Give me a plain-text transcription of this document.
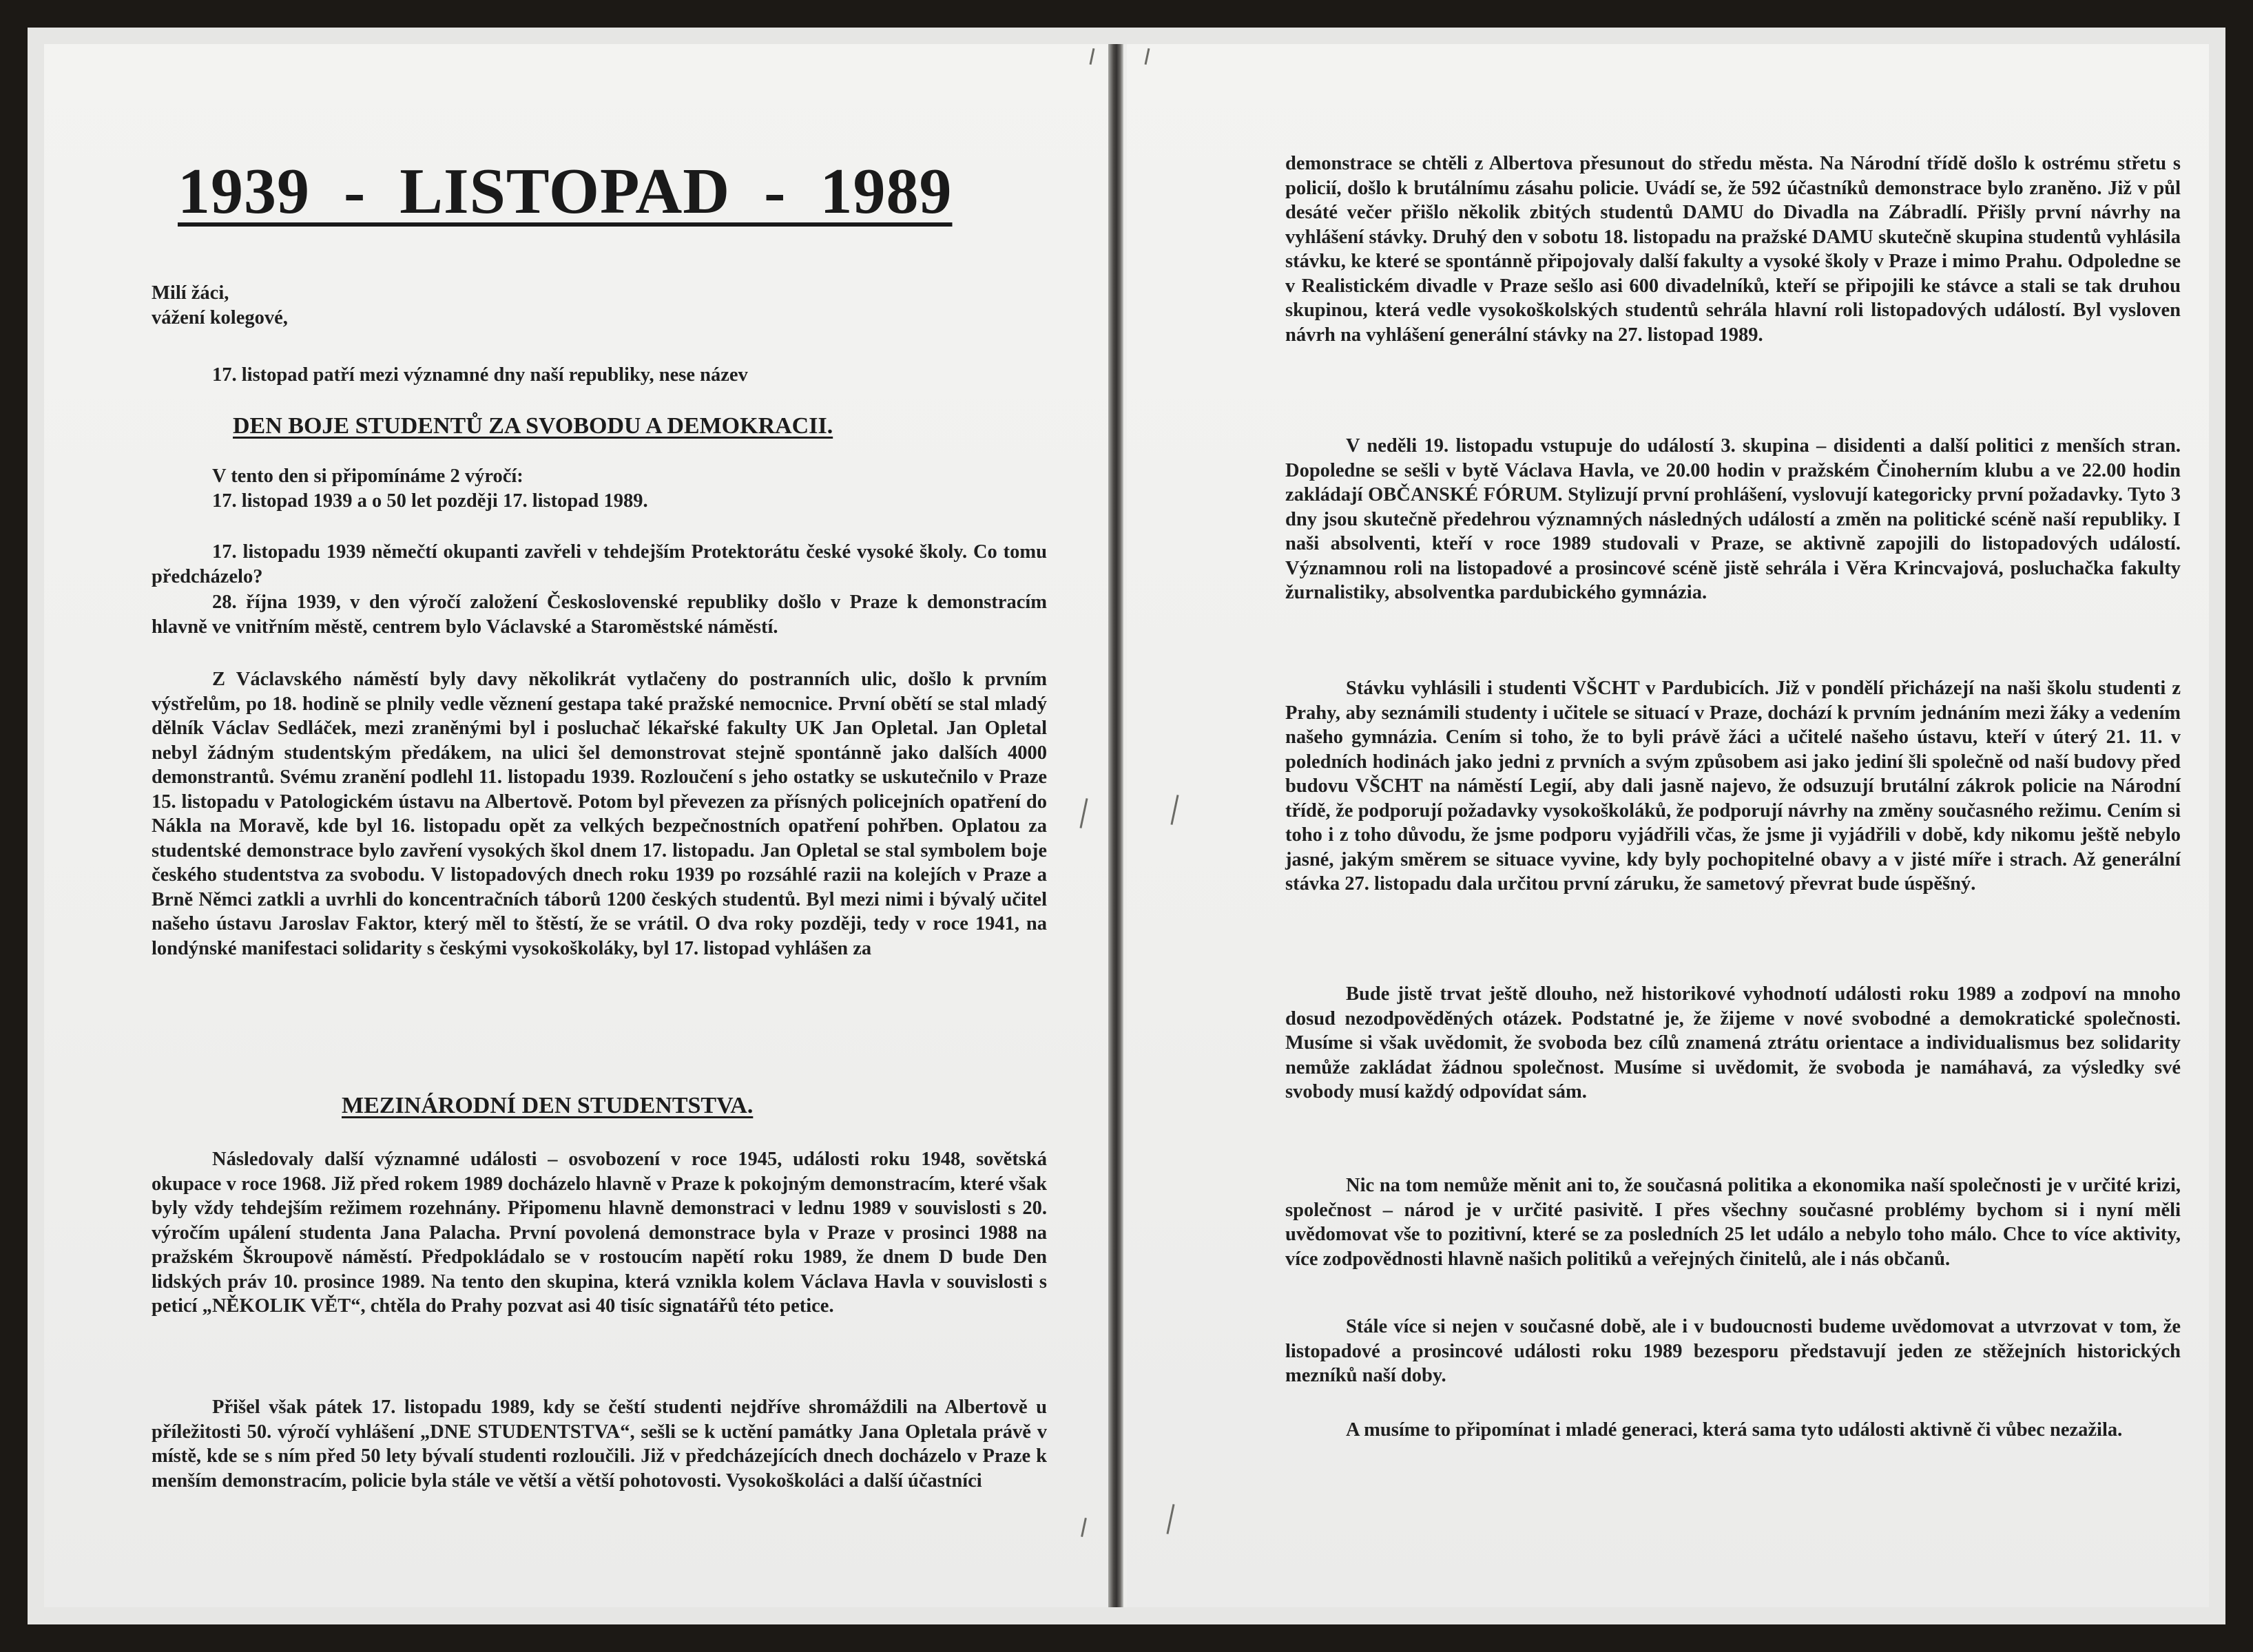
1939  -  LISTOPAD  -  1989
Milí žáci,
vážení kolegové,
17. listopad patří mezi významné dny naší republiky, nese název
DEN BOJE STUDENTŮ ZA SVOBODU A DEMOKRACII.
V tento den si připomínáme 2 výročí:
17. listopad 1939 a o 50 let později 17. listopad 1989.
17. listopadu 1939 němečtí okupanti zavřeli v tehdejším Protektorátu české vysoké školy. Co tomu předcházelo?
28. října 1939, v den výročí založení Československé republiky došlo v Praze k demonstracím hlavně ve vnitřním městě, centrem bylo Václavské a Staroměstské náměstí.
Z Václavského náměstí byly davy několikrát vytlačeny do postranních ulic, došlo k prvním výstřelům, po 18. hodině se plnily vedle věznení gestapa také pražské nemocnice. První obětí se stal mladý dělník Václav Sedláček, mezi zraněnými byl i posluchač lékařské fakulty UK Jan Opletal. Jan Opletal nebyl žádným studentským předákem, na ulici šel demonstrovat stejně spontánně jako dalších 4000 demonstrantů. Svému zranění podlehl 11. listopadu 1939. Rozloučení s jeho ostatky se uskutečnilo v Praze 15. listopadu v Patologickém ústavu na Albertově. Potom byl převezen za přísných policejních opatření do Nákla na Moravě, kde byl 16. listopadu opět za velkých bezpečnostních opatření pohřben. Oplatou za studentské demonstrace bylo zavření vysokých škol dnem 17. listopadu. Jan Opletal se stal symbolem boje českého studentstva za svobodu. V listopadových dnech roku 1939 po rozsáhlé razii na kolejích v Praze a Brně Němci zatkli a uvrhli do koncentračních táborů 1200 českých studentů. Byl mezi nimi i bývalý učitel našeho ústavu Jaroslav Faktor, který měl to štěstí, že se vrátil. O dva roky později, tedy v roce 1941, na londýnské manifestaci solidarity s českými vysokoškoláky, byl 17. listopad vyhlášen za
MEZINÁRODNÍ DEN STUDENTSTVA.
Následovaly další významné události – osvobození v roce 1945, události roku 1948, sovětská okupace v roce 1968. Již před rokem 1989 docházelo hlavně v Praze k pokojným demonstracím, které však byly vždy tehdejším režimem rozehnány. Připomenu hlavně demonstraci v lednu 1989 v souvislosti s 20. výročím upálení studenta Jana Palacha. První povolená demonstrace byla v Praze v prosinci 1988 na pražském Škroupově náměstí. Předpokládalo se v rostoucím napětí roku 1989, že dnem D bude Den lidských práv 10. prosince 1989. Na tento den skupina, která vznikla kolem Václava Havla v souvislosti s peticí „NĚKOLIK VĚT“, chtěla do Prahy pozvat asi 40 tisíc signatářů této petice.
Přišel však pátek 17. listopadu 1989, kdy se čeští studenti nejdříve shromáždili na Albertově u příležitosti 50. výročí vyhlášení „DNE STUDENTSTVA“, sešli se k uctění památky Jana Opletala právě v místě, kde se s ním před 50 lety bývalí studenti rozloučili. Již v předcházejících dnech docházelo v Praze k menším demonstracím, policie byla stále ve větší a větší pohotovosti. Vysokoškoláci a další účastníci
demonstrace se chtěli z Albertova přesunout do středu města. Na Národní třídě došlo k ostrému střetu s policií, došlo k brutálnímu zásahu policie. Uvádí se, že 592 účastníků demonstrace bylo zraněno. Již v půl desáté večer přišlo několik zbitých studentů DAMU do Divadla na Zábradlí. Přišly první návrhy na vyhlášení stávky. Druhý den v sobotu 18. listopadu na pražské DAMU skutečně skupina studentů vyhlásila stávku, ke které se spontánně připojovaly další fakulty a vysoké školy v Praze i mimo Prahu. Odpoledne se v Realistickém divadle v Praze sešlo asi 600 divadelníků, kteří se připojili ke stávce a stali se tak druhou skupinou, která vedle vysokoškolských studentů sehrála hlavní roli listopadových událostí. Byl vysloven návrh na vyhlášení generální stávky na 27. listopad 1989.
V neděli 19. listopadu vstupuje do událostí 3. skupina – disidenti a další politici z menších stran. Dopoledne se sešli v bytě Václava Havla, ve 20.00 hodin v pražském Činoherním klubu a ve 22.00 hodin zakládají OBČANSKÉ FÓRUM. Stylizují první prohlášení, vyslovují kategoricky první požadavky. Tyto 3 dny jsou skutečně předehrou významných následných událostí a změn na politické scéně naší republiky. I naši absolventi, kteří v roce 1989 studovali v Praze, se aktivně zapojili do listopadových událostí. Významnou roli na listopadové a prosincové scéně jistě sehrála i Věra Krincvajová, posluchačka fakulty žurnalistiky, absolventka pardubického gymnázia.
Stávku vyhlásili i studenti VŠCHT v Pardubicích. Již v pondělí přicházejí na naši školu studenti z Prahy, aby seznámili studenty i učitele se situací v Praze, dochází k prvním jednáním mezi žáky a vedením našeho gymnázia. Cením si toho, že to byli právě žáci a učitelé našeho ústavu, kteří v úterý 21. 11. v poledních hodinách jako jedni z prvních a svým způsobem asi jako jediní šli společně od naší budovy před budovu VŠCHT na náměstí Legií, aby dali jasně najevo, že odsuzují brutální zákrok policie na Národní třídě, že podporují požadavky vysokoškoláků, že podporují návrhy na změny současného režimu. Cením si toho i z toho důvodu, že jsme podporu vyjádřili včas, že jsme ji vyjádřili v době, kdy nikomu ještě nebylo jasné, jakým směrem se situace vyvine, kdy byly pochopitelné obavy a v jisté míře i strach. Až generální stávka 27. listopadu dala určitou první záruku, že sametový převrat bude úspěšný.
Bude jistě trvat ještě dlouho, než historikové vyhodnotí události roku 1989 a zodpoví na mnoho dosud nezodpověděných otázek. Podstatné je, že žijeme v nové svobodné a demokratické společnosti. Musíme si však uvědomit, že svoboda bez cílů znamená ztrátu orientace a individualismus bez solidarity nemůže zakládat žádnou společnost. Musíme si uvědomit, že svoboda je namáhavá, za výsledky své svobody musí každý odpovídat sám.
Nic na tom nemůže měnit ani to, že současná politika a ekonomika naší společnosti je v určité krizi, společnost – národ je v určité pasivitě. I přes všechny současné problémy bychom si i nyní měli uvědomovat vše to pozitivní, které se za posledních 25 let událo a nebylo toho málo. Chce to více aktivity, více zodpovědnosti hlavně našich politiků a veřejných činitelů, ale i nás občanů.
Stále více si nejen v současné době, ale i v budoucnosti budeme uvědomovat a utvrzovat v tom, že listopadové a prosincové události roku 1989 bezesporu představují jeden ze stěžejních historických mezníků naší doby.
A musíme to připomínat i mladé generaci, která sama tyto události aktivně či vůbec nezažila.
